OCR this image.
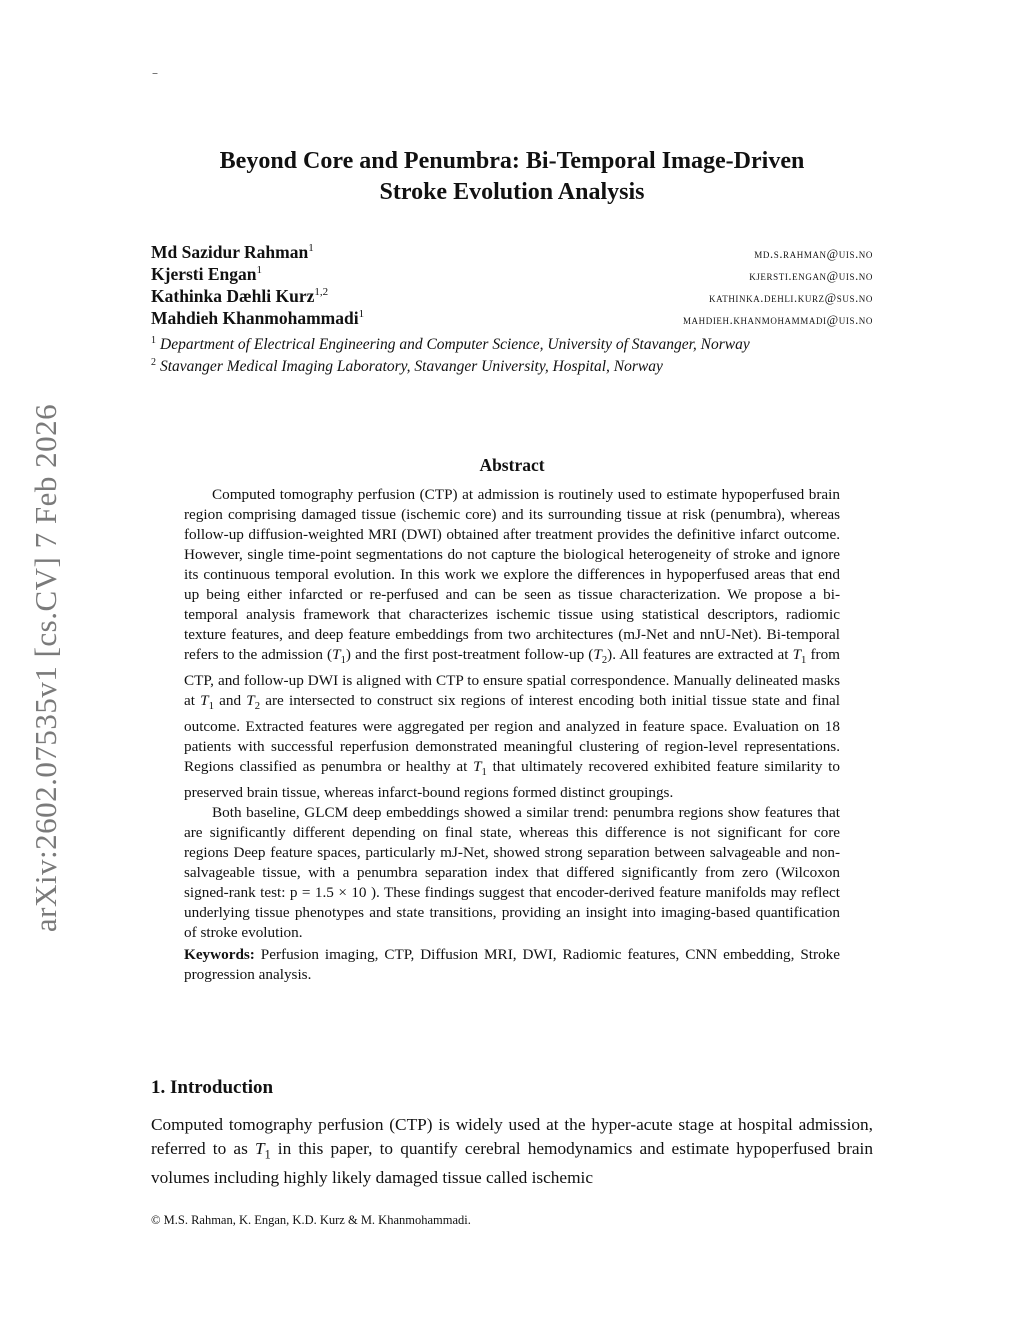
–
arXiv:2602.07535v1 [cs.CV] 7 Feb 2026
Beyond Core and Penumbra: Bi-Temporal Image-Driven
Stroke Evolution Analysis
Md Sazidur Rahman$^1$	md.s.rahman@uis.no
Kjersti Engan$^1$	kjersti.engan@uis.no
Kathinka Dæhli Kurz$^{1,2}$	kathinka.dehli.kurz@sus.no
Mahdieh Khanmohammadi$^1$	mahdieh.khanmohammadi@uis.no
$^1$ Department of Electrical Engineering and Computer Science, University of Stavanger, Norway
$^2$ Stavanger Medical Imaging Laboratory, Stavanger University, Hospital, Norway
Abstract

Computed tomography perfusion (CTP) at admission is routinely used to estimate hypoperfused brain region comprising damaged tissue (ischemic core) and its surrounding tissue at risk (penumbra), whereas follow-up diffusion-weighted MRI (DWI) obtained after treatment provides the definitive infarct outcome. However, single time-point segmentations do not capture the biological heterogeneity of stroke and ignore its continuous temporal evolution. In this work we explore the differences in hypoperfused areas that end up being either infarcted or re-perfused and can be seen as tissue characterization. We propose a bi-temporal analysis framework that characterizes ischemic tissue using statistical descriptors, radiomic texture features, and deep feature embeddings from two architectures (mJ-Net and nnU-Net). Bi-temporal refers to the admission $(T_1)$ and the first post-treatment follow-up $(T_2)$. All features are extracted at $T_1$ from CTP, and follow-up DWI is aligned with CTP to ensure spatial correspondence. Manually delineated masks at $T_1$ and $T_2$ are intersected to construct six regions of interest encoding both initial tissue state and final outcome. Extracted features were aggregated per region and analyzed in feature space. Evaluation on 18 patients with successful reperfusion demonstrated meaningful clustering of region-level representations. Regions classified as penumbra or healthy at $T_1$ that ultimately recovered exhibited feature similarity to preserved brain tissue, whereas infarct-bound regions formed distinct groupings.

Both baseline, GLCM deep embeddings showed a similar trend: penumbra regions show features that are significantly different depending on final state, whereas this difference is not significant for core regions Deep feature spaces, particularly mJ-Net, showed strong separation between salvageable and non-salvageable tissue, with a penumbra separation index that differed significantly from zero (Wilcoxon signed-rank test: p = 1.5 × 10 ). These findings suggest that encoder-derived feature manifolds may reflect underlying tissue phenotypes and state transitions, providing an insight into imaging-based quantification of stroke evolution.

Keywords: Perfusion imaging, CTP, Diffusion MRI, DWI, Radiomic features, CNN embedding, Stroke progression analysis.

1. Introduction

Computed tomography perfusion (CTP) is widely used at the hyper-acute stage at hospital admission, referred to as $T_1$ in this paper, to quantify cerebral hemodynamics and estimate hypoperfused brain volumes including highly likely damaged tissue called ischemic

© M.S. Rahman, K. Engan, K.D. Kurz & M. Khanmohammadi.
